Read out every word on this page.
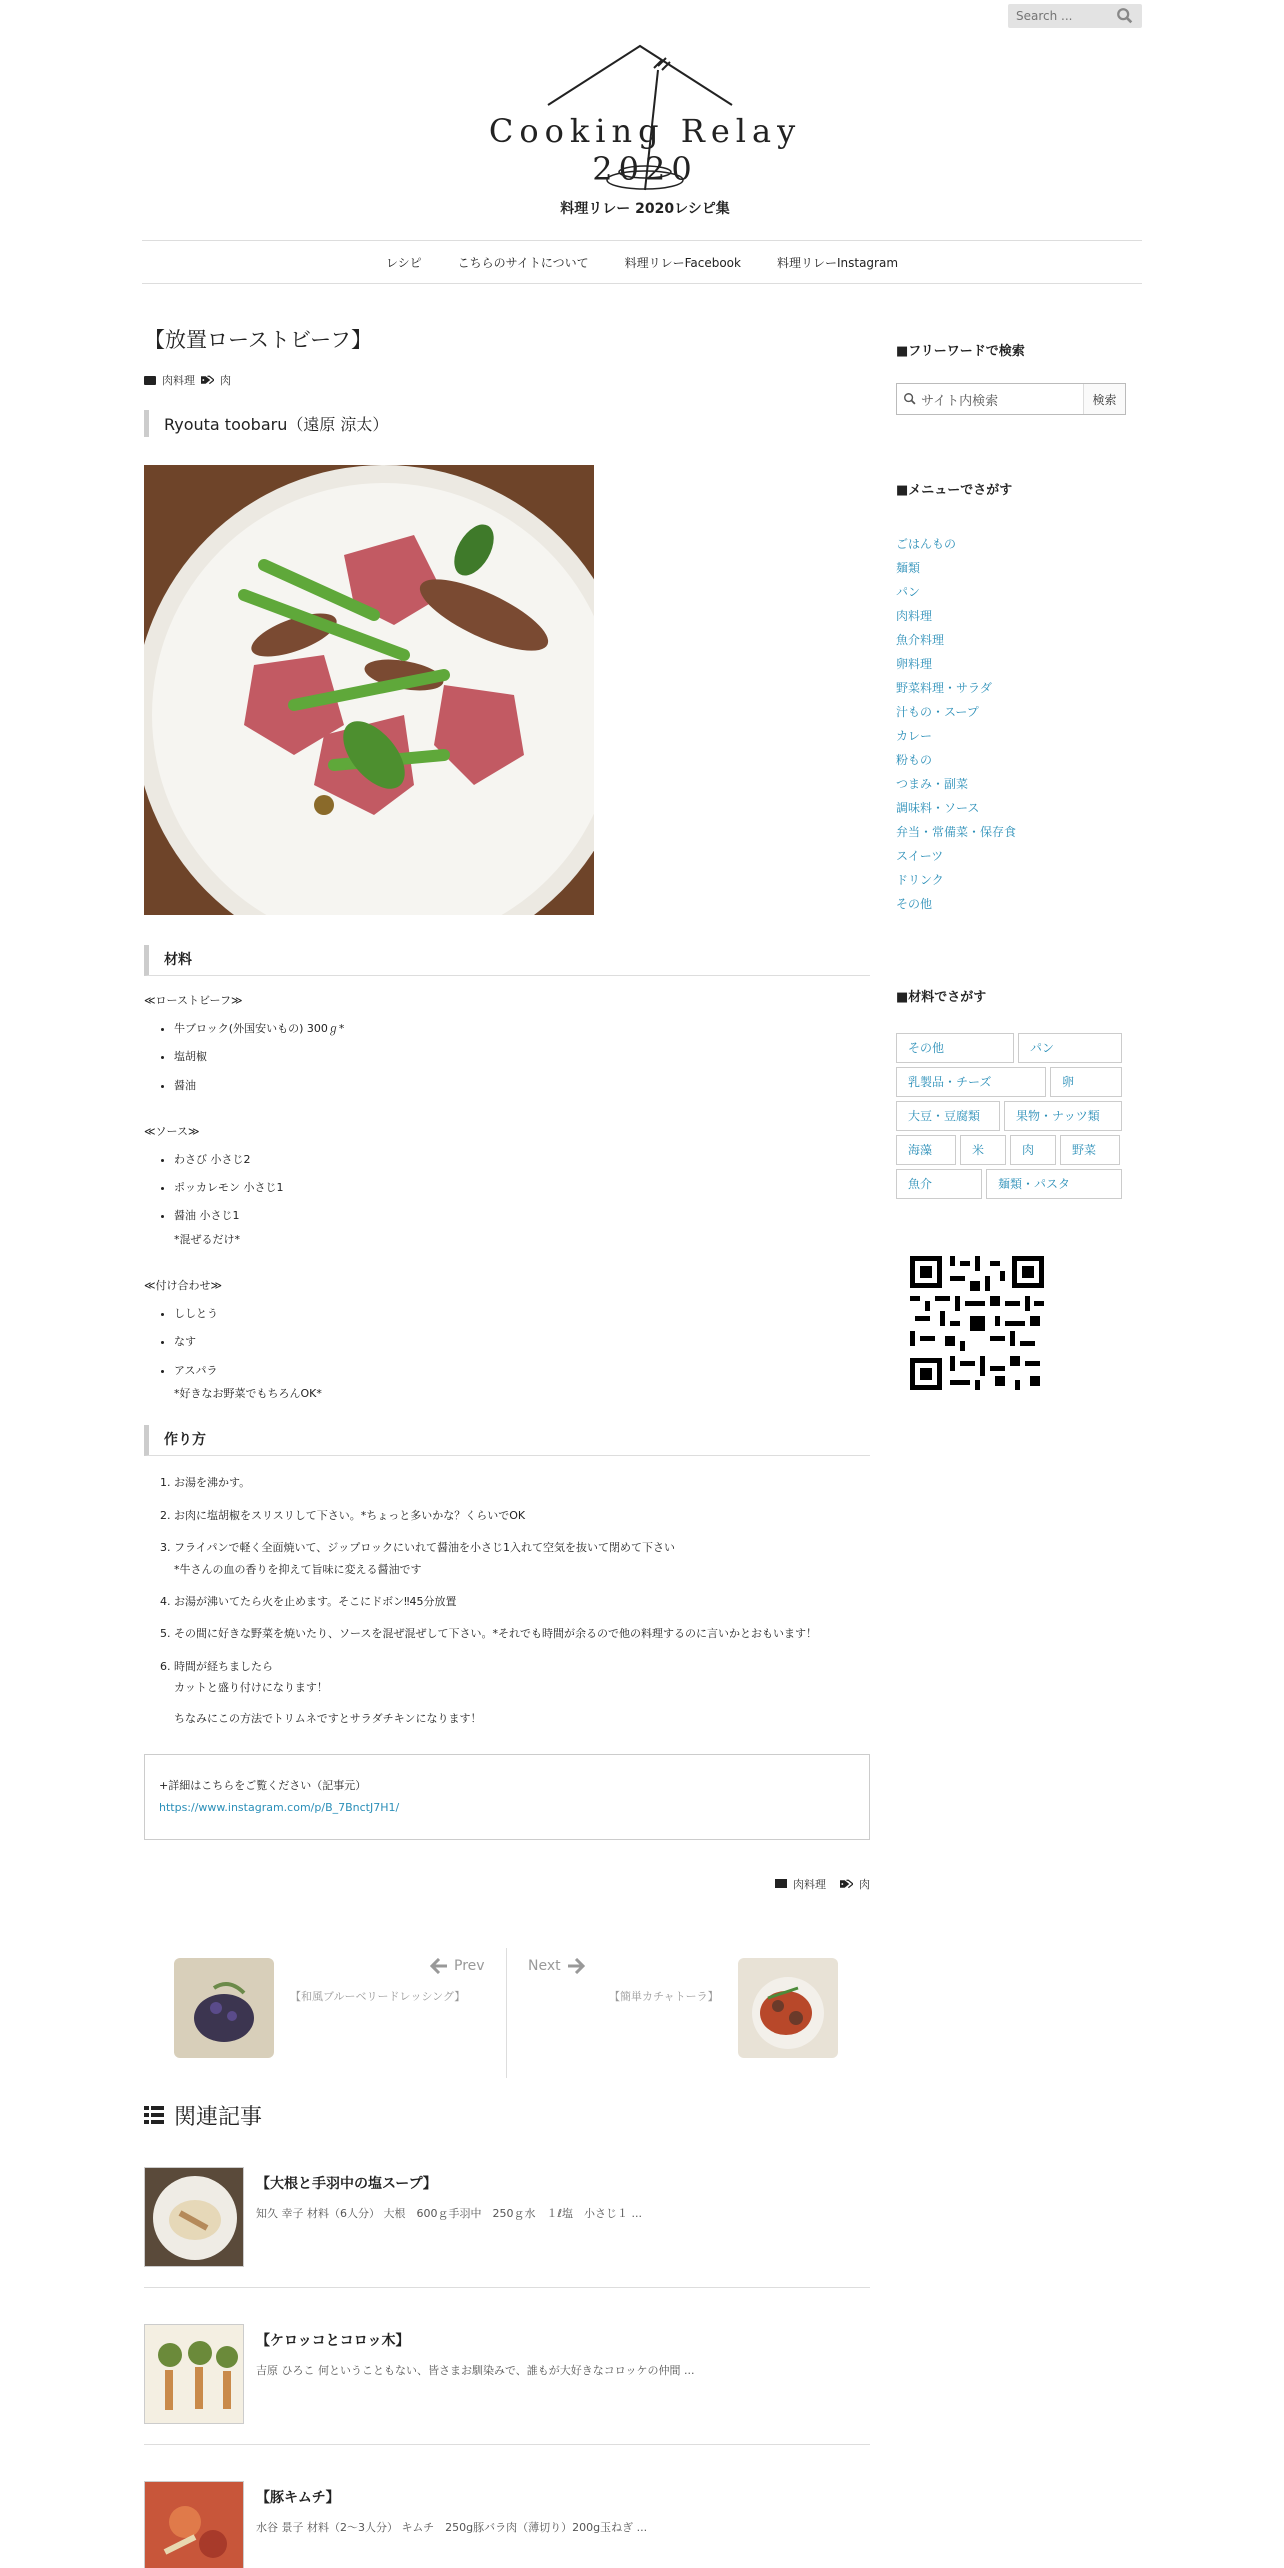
Search ...
Cooking Relay 2020
料理リレー 2020レシピ集
レシピ	こちらのサイトについて	料理リレーFacebook	料理リレーInstagram
【放置ローストビーフ】
肉料理 肉
Ryouta toobaru（遠原 涼太）
材料
≪ローストビーフ≫
• 牛ブロック(外国安いもの) 300ℊ*
• 塩胡椒
• 醤油
≪ソース≫
• わさび 小さじ2
• ポッカレモン 小さじ1
• 醤油 小さじ1
*混ぜるだけ*
≪付け合わせ≫
• ししとう
• なす
• アスパラ
*好きなお野菜でもちろんOK*
作り方
1. お湯を沸かす。
2. お肉に塩胡椒をスリスリして下さい。*ちょっと多いかな？くらいでOK
3. フライパンで軽く全面焼いて、ジップロックにいれて醤油を小さじ1入れて空気を抜いて閉めて下さい
*牛さんの血の香りを抑えて旨味に変える醤油です
4. お湯が沸いてたら火を止めます。そこにドボン‼︎45分放置
5. その間に好きな野菜を焼いたり、ソースを混ぜ混ぜして下さい。*それでも時間が余るので他の料理するのに言いかとおもいます！
6. 時間が経ちましたら
カットと盛り付けになります！
ちなみにこの方法でトリムネですとサラダチキンになります！
+詳細はこちらをご覧ください（記事元）
https://www.instagram.com/p/B_7BnctJ7H1/
肉料理	肉
Prev
【和風ブルーベリードレッシング】
Next
【簡単カチャトーラ】
関連記事
【大根と手羽中の塩スープ】
知久 幸子 材料（6人分） 大根　600ｇ手羽中　250ｇ水　１ℓ塩　小さじ１ ...
【ケロッコとコロッ木】
吉原 ひろこ 何ということもない、皆さまお馴染みで、誰もが大好きなコロッケの仲間 ...
【豚キムチ】
水谷 景子 材料（2〜3人分） キムチ　250g豚バラ肉（薄切り）200g玉ねぎ ...
■フリーワードで検索
サイト内検索	検索
■メニューでさがす
ごはんもの
麺類
パン
肉料理
魚介料理
卵料理
野菜料理・サラダ
汁もの・スープ
カレー
粉もの
つまみ・副菜
調味料・ソース
弁当・常備菜・保存食
スイーツ
ドリンク
その他
■材料でさがす
その他	パン
乳製品・チーズ	卵
大豆・豆腐類	果物・ナッツ類
海藻	米	肉	野菜
魚介	麺類・パスタ
